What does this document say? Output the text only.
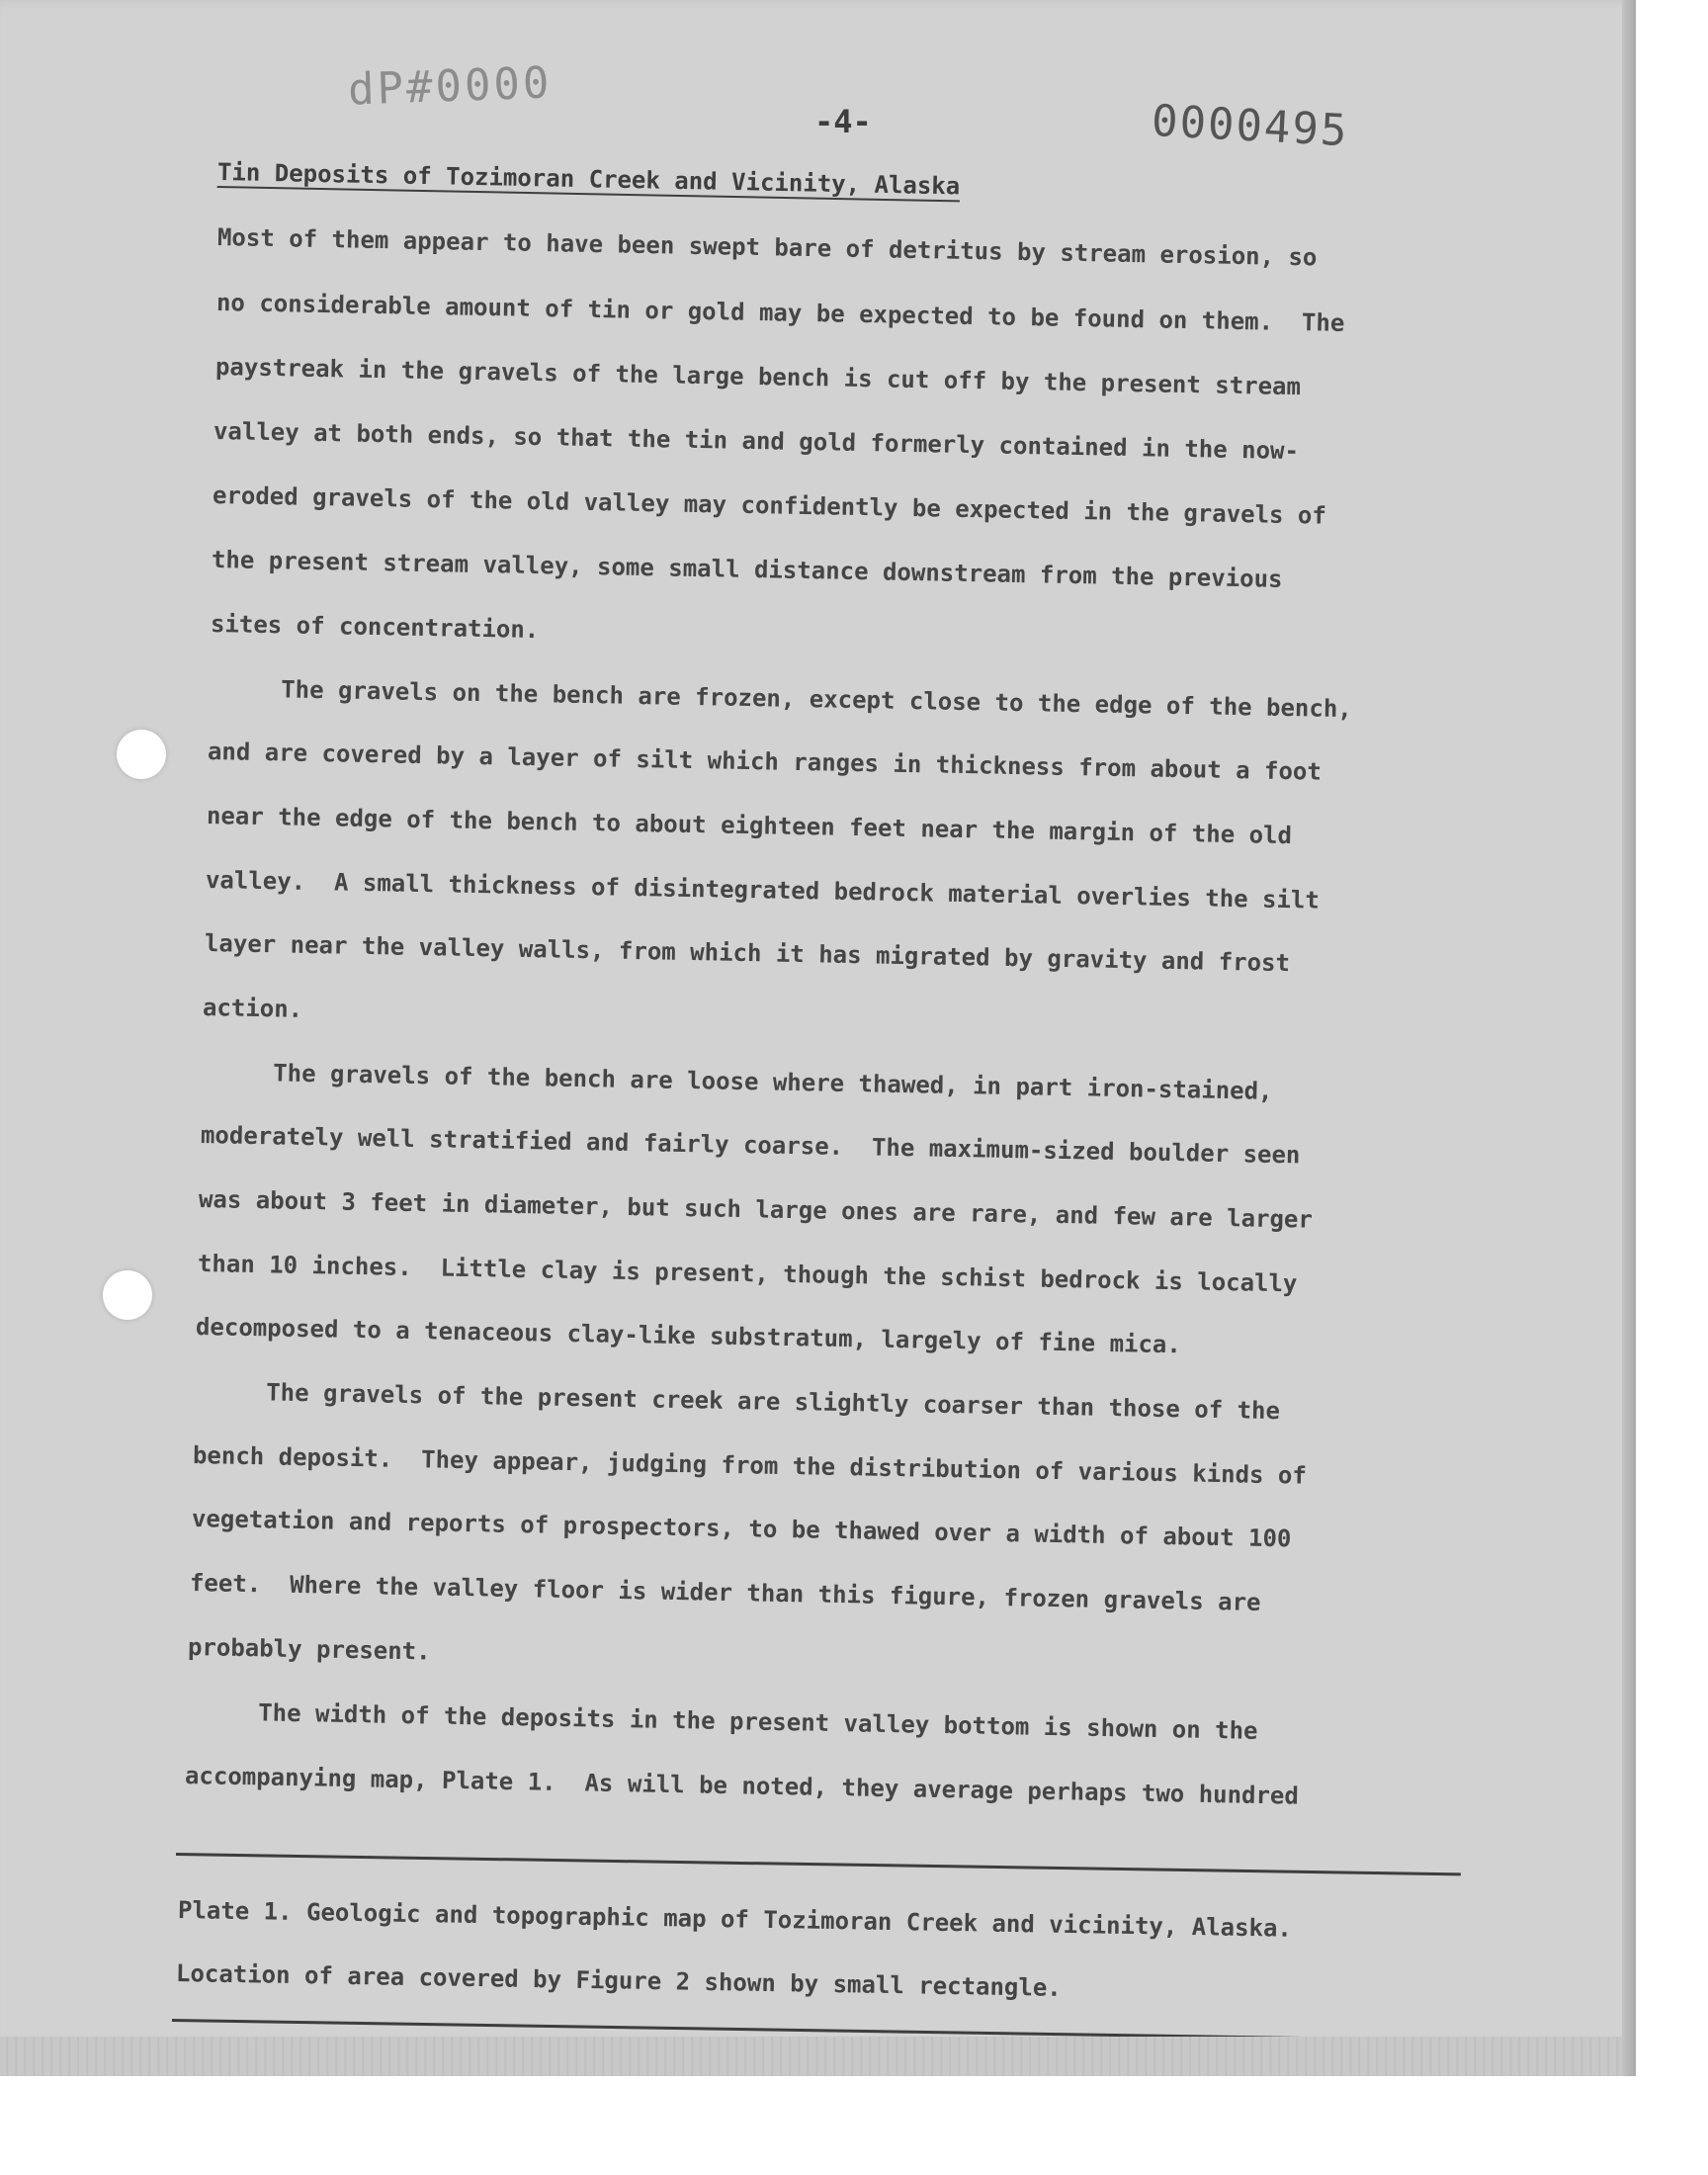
dP#0000
-4-	0000495
Tin Deposits of Tozimoran Creek and Vicinity, Alaska
Most of them appear to have been swept bare of detritus by stream erosion, so
no considerable amount of tin or gold may be expected to be found on them.  The
paystreak in the gravels of the large bench is cut off by the present stream
valley at both ends, so that the tin and gold formerly contained in the now-
eroded gravels of the old valley may confidently be expected in the gravels of
the present stream valley, some small distance downstream from the previous
sites of concentration.
The gravels on the bench are frozen, except close to the edge of the bench,
and are covered by a layer of silt which ranges in thickness from about a foot
near the edge of the bench to about eighteen feet near the margin of the old
valley.  A small thickness of disintegrated bedrock material overlies the silt
layer near the valley walls, from which it has migrated by gravity and frost
action.
The gravels of the bench are loose where thawed, in part iron-stained,
moderately well stratified and fairly coarse.  The maximum-sized boulder seen
was about 3 feet in diameter, but such large ones are rare, and few are larger
than 10 inches.  Little clay is present, though the schist bedrock is locally
decomposed to a tenaceous clay-like substratum, largely of fine mica.
The gravels of the present creek are slightly coarser than those of the
bench deposit.  They appear, judging from the distribution of various kinds of
vegetation and reports of prospectors, to be thawed over a width of about 100
feet.  Where the valley floor is wider than this figure, frozen gravels are
probably present.
The width of the deposits in the present valley bottom is shown on the
accompanying map, Plate 1.  As will be noted, they average perhaps two hundred
Plate 1. Geologic and topographic map of Tozimoran Creek and vicinity, Alaska.
Location of area covered by Figure 2 shown by small rectangle.
